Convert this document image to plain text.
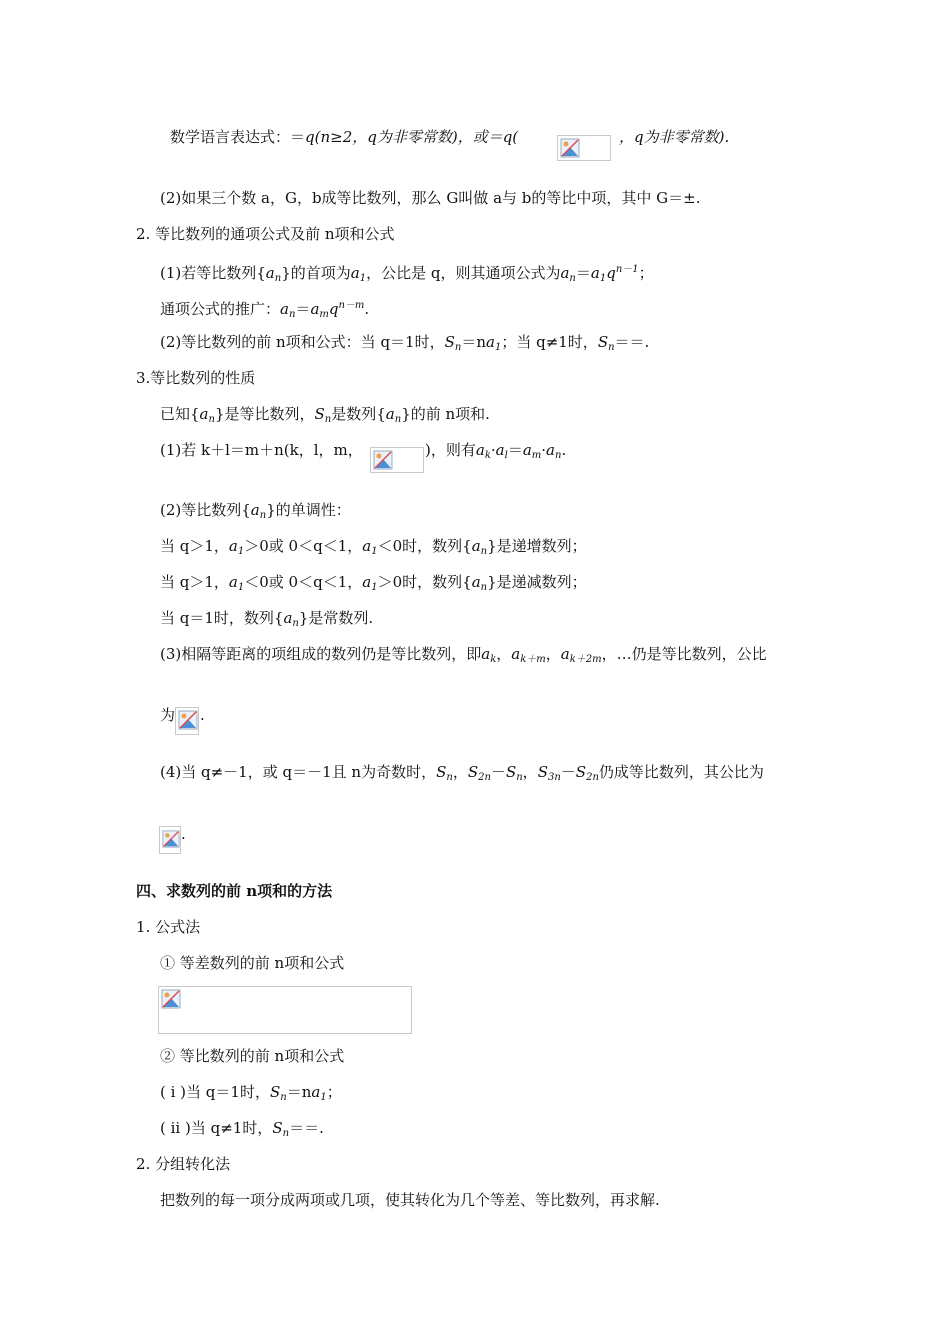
数学语言表达式：＝q(n≥2，q为非零常数)，或＝q(	，q为非零常数).
(2)如果三个数 a，G，b成等比数列，那么 G叫做 a与 b的等比中项，其中 G＝±.
2. 等比数列的通项公式及前 n项和公式
(1)若等比数列$\{a_n\}$的首项为$a_1$，公比是 q，则其通项公式为$a_n=a_1q^{n-1}$；
通项公式的推广：$a_n=a_mq^{n-m}$.
(2)等比数列的前 n项和公式：当 q＝1时，$S_n=na_1$；当 q≠1时，$S_n==$.
3.等比数列的性质
已知$\{a_n\}$是等比数列，$S_n$是数列$\{a_n\}$的前 n项和.
(1)若 k＋l＝m＋n(k，l，m，	)，则有$a_k\cdot a_l=a_m\cdot a_n$.
(2)等比数列$\{a_n\}$的单调性：
当 q＞1，$a_1>0$或 0＜q＜1，$a_1<0$时，数列$\{a_n\}$是递增数列；
当 q＞1，$a_1<0$或 0＜q＜1，$a_1>0$时，数列$\{a_n\}$是递减数列；
当 q＝1时，数列$\{a_n\}$是常数列.
(3)相隔等距离的项组成的数列仍是等比数列，即$a_k$，$a_{k+m}$，$a_{k+2m}$，…仍是等比数列，公比
为 .
(4)当 q≠－1，或 q＝－1且 n为奇数时，$S_n$，$S_{2n}-S_n$，$S_{3n}-S_{2n}$仍成等比数列，其公比为
.
四、求数列的前 n项和的方法
1. 公式法
① 等差数列的前 n项和公式
② 等比数列的前 n项和公式
( i )当 q＝1时，$S_n=na_1$；
( ii )当 q≠1时，$S_n==$.
2. 分组转化法
把数列的每一项分成两项或几项，使其转化为几个等差、等比数列，再求解.
